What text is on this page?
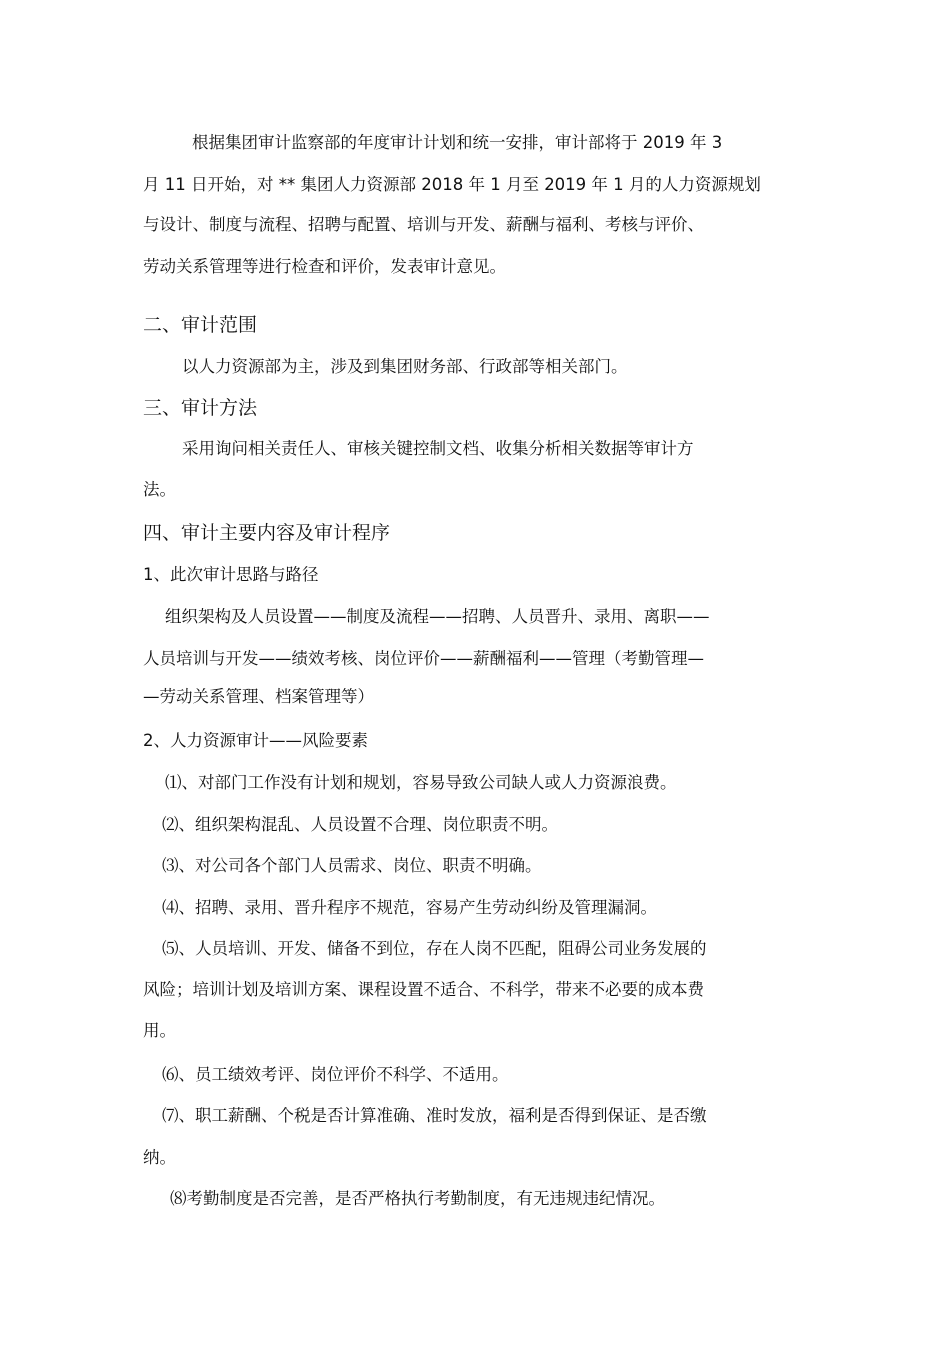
根据集团审计监察部的年度审计计划和统一安排，审计部将于 2019 年 3

月 11 日开始，对 ** 集团人力资源部 2018 年 1 月至 2019 年 1 月的人力资源规划

与设计、制度与流程、招聘与配置、培训与开发、薪酬与福利、考核与评价、

劳动关系管理等进行检查和评价，发表审计意见。

二、审计范围

以人力资源部为主，涉及到集团财务部、行政部等相关部门。

三、审计方法

采用询问相关责任人、审核关键控制文档、收集分析相关数据等审计方

法。

四、审计主要内容及审计程序

1、此次审计思路与路径

组织架构及人员设置——制度及流程——招聘、人员晋升、录用、离职——

人员培训与开发——绩效考核、岗位评价——薪酬福利——管理（考勤管理—

—劳动关系管理、档案管理等）

2、人力资源审计——风险要素

⑴、对部门工作没有计划和规划，容易导致公司缺人或人力资源浪费。

⑵、组织架构混乱、人员设置不合理、岗位职责不明。

⑶、对公司各个部门人员需求、岗位、职责不明确。

⑷、招聘、录用、晋升程序不规范，容易产生劳动纠纷及管理漏洞。

⑸、人员培训、开发、储备不到位，存在人岗不匹配，阻碍公司业务发展的

风险；培训计划及培训方案、课程设置不适合、不科学，带来不必要的成本费

用。

⑹、员工绩效考评、岗位评价不科学、不适用。

⑺、职工薪酬、个税是否计算准确、准时发放，福利是否得到保证、是否缴

纳。

⑻考勤制度是否完善，是否严格执行考勤制度，有无违规违纪情况。
